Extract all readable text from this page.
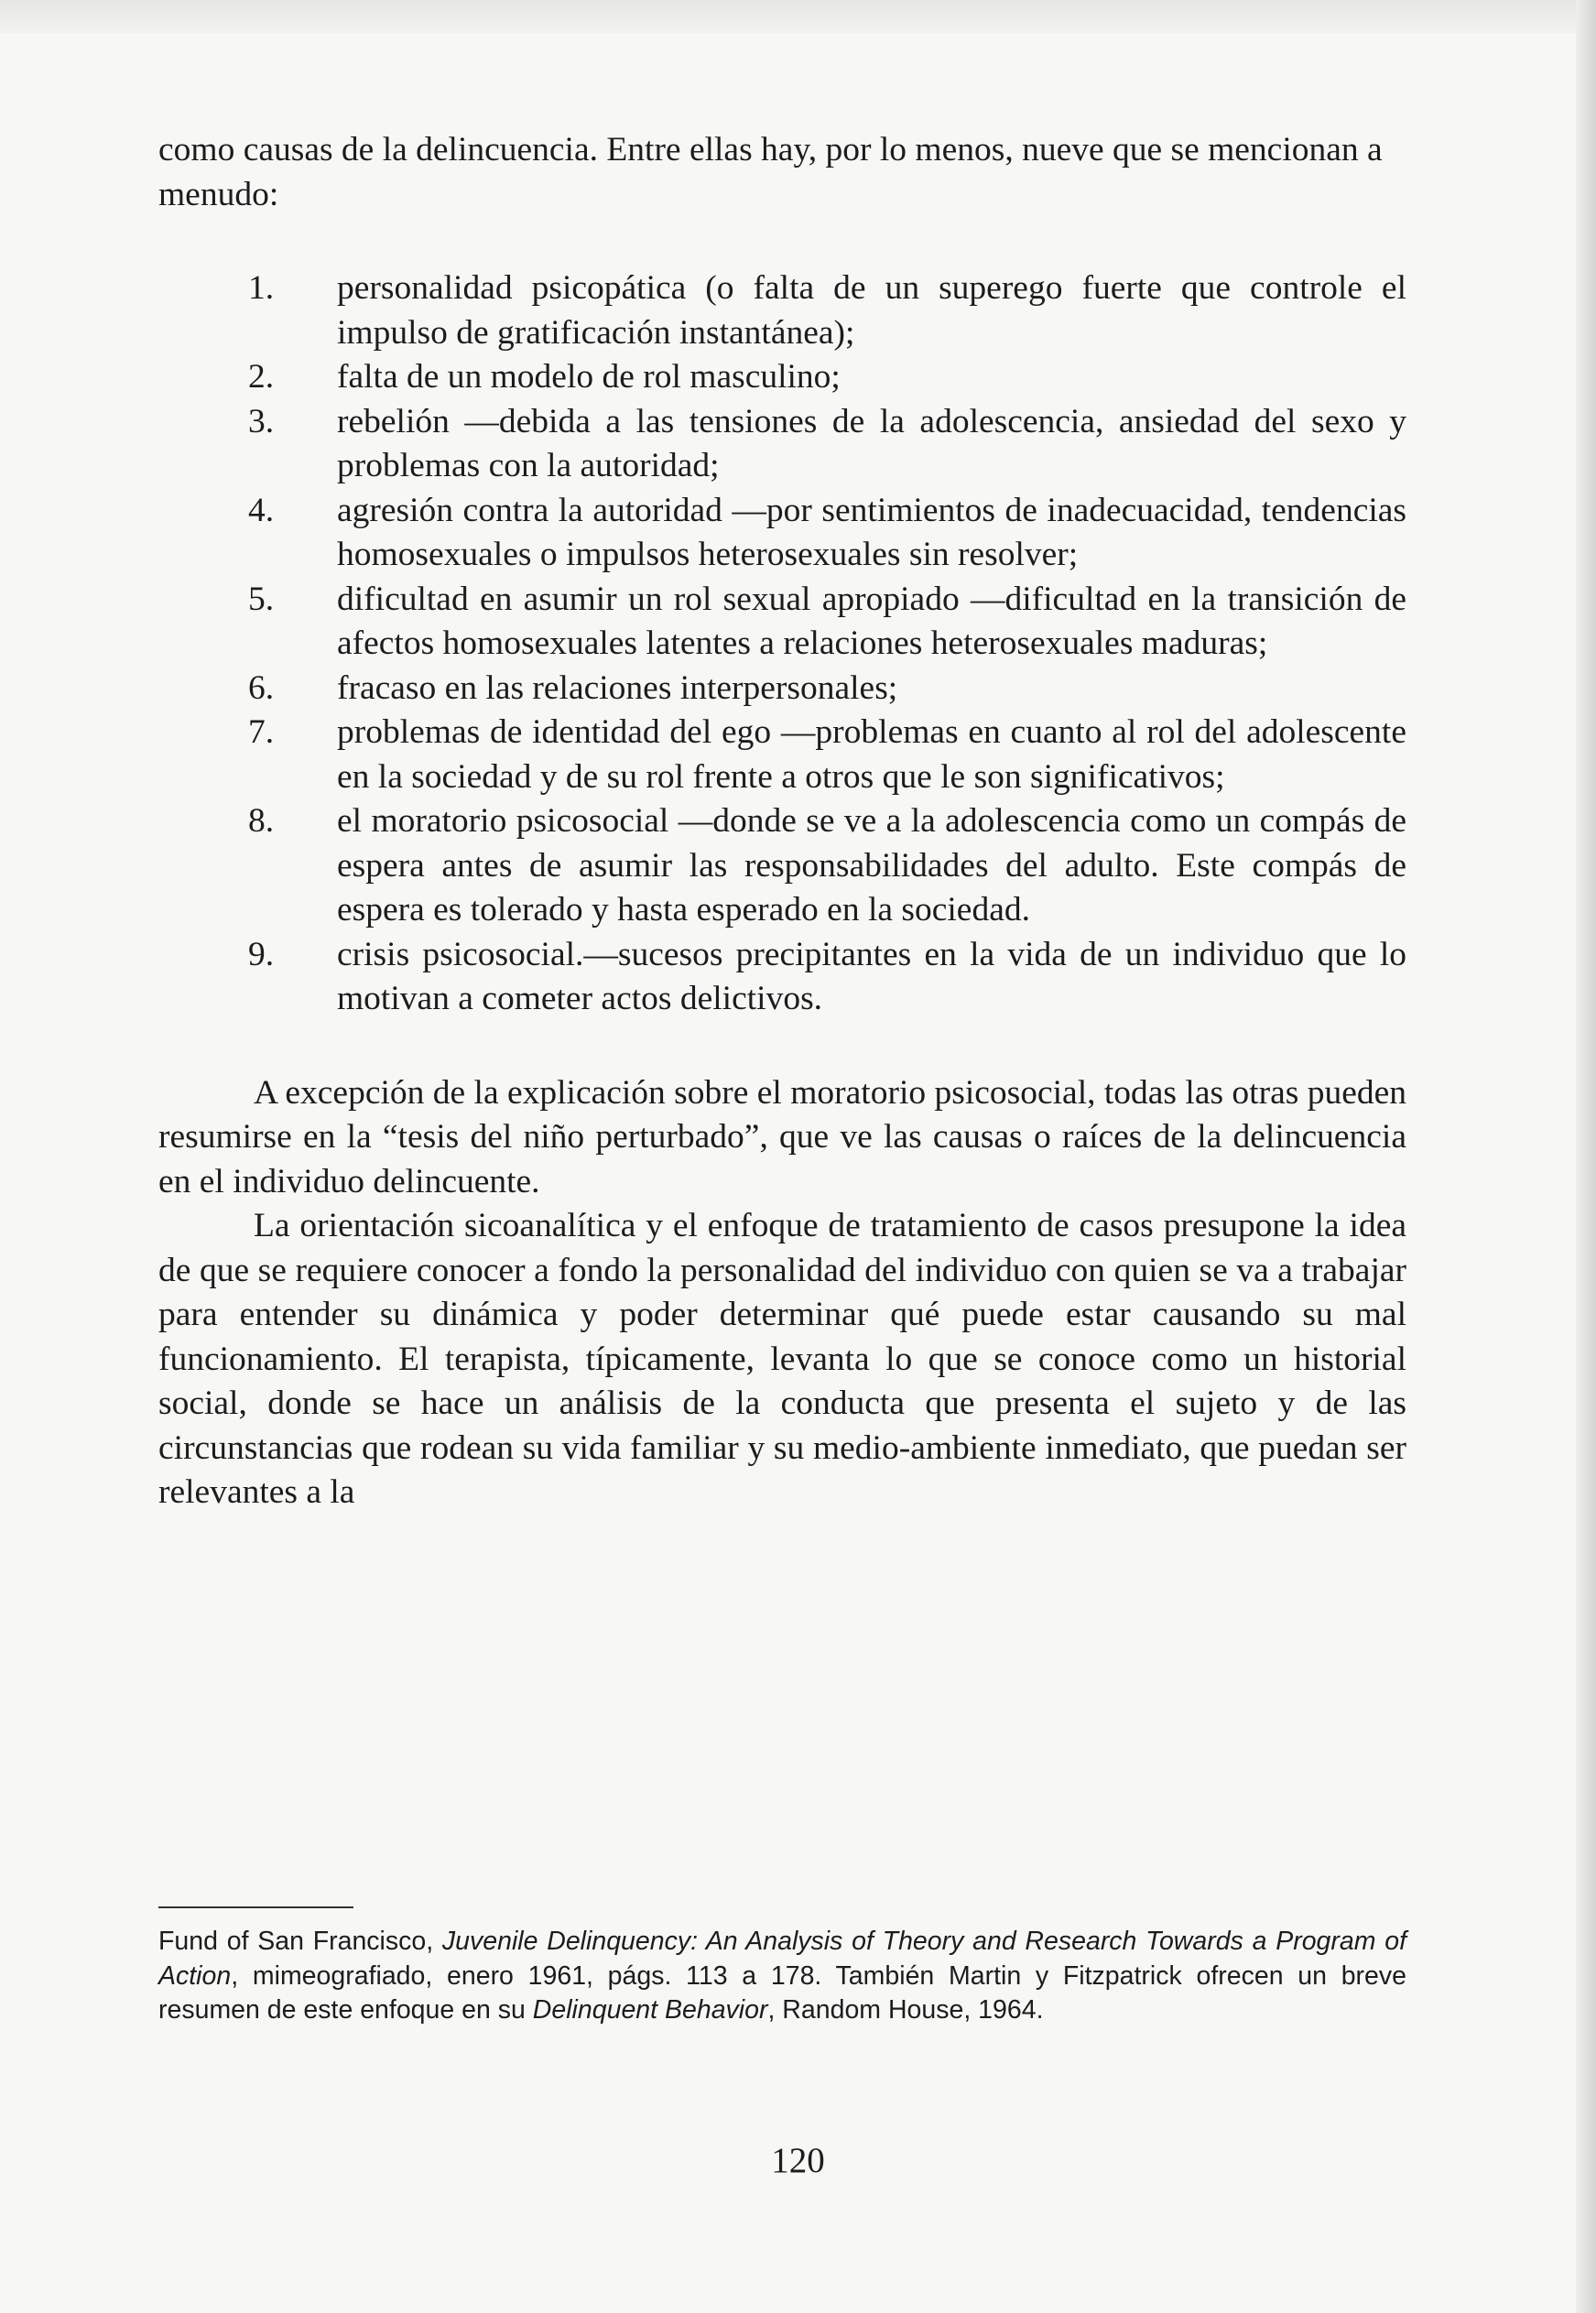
como causas de la delincuencia. Entre ellas hay, por lo menos, nueve que se mencionan a menudo:

1.	personalidad psicopática (o falta de un superego fuerte que controle el impulso de gratificación instantánea);
2.	falta de un modelo de rol masculino;
3.	rebelión —debida a las tensiones de la adolescencia, ansiedad del sexo y problemas con la autoridad;
4.	agresión contra la autoridad —por sentimientos de inadecuacidad, tendencias homosexuales o impulsos heterosexuales sin resolver;
5.	dificultad en asumir un rol sexual apropiado —dificultad en la transición de afectos homosexuales latentes a relaciones heterosexuales maduras;
6.	fracaso en las relaciones interpersonales;
7.	problemas de identidad del ego —problemas en cuanto al rol del adolescente en la sociedad y de su rol frente a otros que le son significativos;
8.	el moratorio psicosocial —donde se ve a la adolescencia como un compás de espera antes de asumir las responsabilidades del adulto. Este compás de espera es tolerado y hasta esperado en la sociedad.
9.	crisis psicosocial.—sucesos precipitantes en la vida de un individuo que lo motivan a cometer actos delictivos.

A excepción de la explicación sobre el moratorio psicosocial, todas las otras pueden resumirse en la “tesis del niño perturbado”, que ve las causas o raíces de la delincuencia en el individuo delincuente.

La orientación sicoanalítica y el enfoque de tratamiento de casos presupone la idea de que se requiere conocer a fondo la personalidad del individuo con quien se va a trabajar para entender su dinámica y poder determinar qué puede estar causando su mal funcionamiento. El terapista, típicamente, levanta lo que se conoce como un historial social, donde se hace un análisis de la conducta que presenta el sujeto y de las circunstancias que rodean su vida familiar y su medio-ambiente inmediato, que puedan ser relevantes a la

Fund of San Francisco, Juvenile Delinquency: An Analysis of Theory and Research Towards a Program of Action, mimeografiado, enero 1961, págs. 113 a 178. También Martin y Fitzpatrick ofrecen un breve resumen de este enfoque en su Delinquent Behavior, Random House, 1964.

120
